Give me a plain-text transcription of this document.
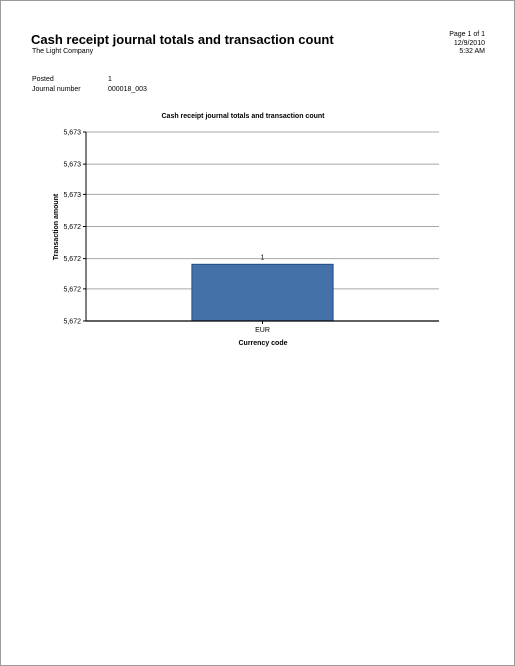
Cash receipt journal totals and transaction count
The Light Company
Page 1 of 1
12/9/2010
5:32 AM
Posted	1
Journal number	000018_003
Cash receipt journal totals and transaction count
5,672
5,672
5,672
5,672
5,673
5,673
5,673
1
EUR
Currency code
Transaction amount
